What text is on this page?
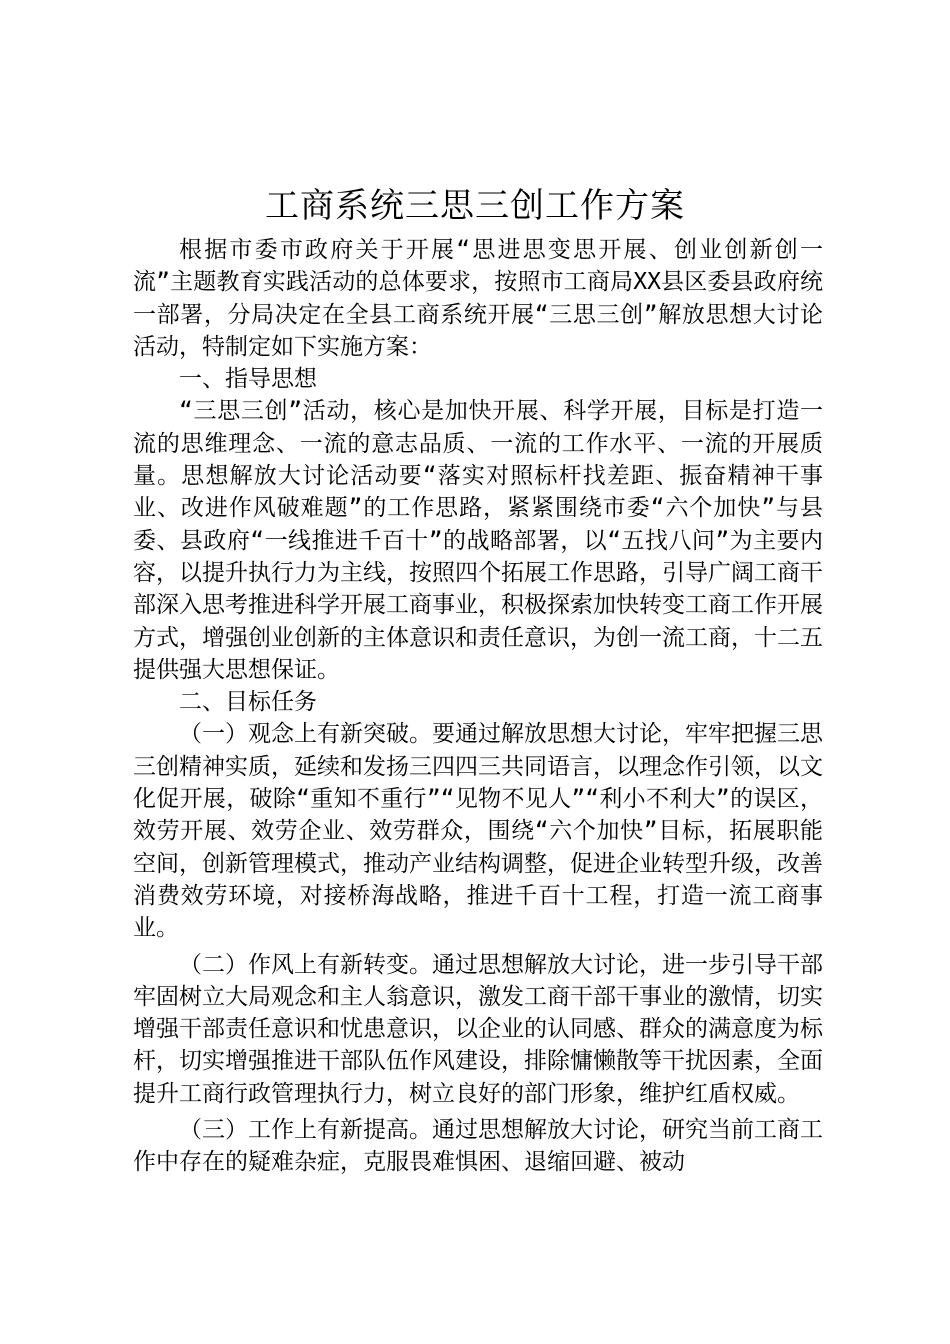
工商系统三思三创工作方案

根据市委市政府关于开展“思进思变思开展、创业创新创一流”主题教育实践活动的总体要求，按照市工商局XX县区委县政府统一部署，分局决定在全县工商系统开展“三思三创”解放思想大讨论活动，特制定如下实施方案：

一、指导思想

“三思三创”活动，核心是加快开展、科学开展，目标是打造一流的思维理念、一流的意志品质、一流的工作水平、一流的开展质量。思想解放大讨论活动要“落实对照标杆找差距、振奋精神干事业、改进作风破难题”的工作思路，紧紧围绕市委“六个加快”与县委、县政府“一线推进千百十”的战略部署，以“五找八问”为主要内容，以提升执行力为主线，按照四个拓展工作思路，引导广阔工商干部深入思考推进科学开展工商事业，积极探索加快转变工商工作开展方式，增强创业创新的主体意识和责任意识，为创一流工商，十二五提供强大思想保证。

二、目标任务

（一）观念上有新突破。要通过解放思想大讨论，牢牢把握三思三创精神实质，延续和发扬三四四三共同语言，以理念作引领，以文化促开展，破除“重知不重行”“见物不见人”“利小不利大”的误区，效劳开展、效劳企业、效劳群众，围绕“六个加快”目标，拓展职能空间，创新管理模式，推动产业结构调整，促进企业转型升级，改善消费效劳环境，对接桥海战略，推进千百十工程，打造一流工商事业。

（二）作风上有新转变。通过思想解放大讨论，进一步引导干部牢固树立大局观念和主人翁意识，激发工商干部干事业的激情，切实增强干部责任意识和忧患意识，以企业的认同感、群众的满意度为标杆，切实增强推进干部队伍作风建设，排除慵懒散等干扰因素，全面提升工商行政管理执行力，树立良好的部门形象，维护红盾权威。

（三）工作上有新提高。通过思想解放大讨论，研究当前工商工作中存在的疑难杂症，克服畏难惧困、退缩回避、被动
